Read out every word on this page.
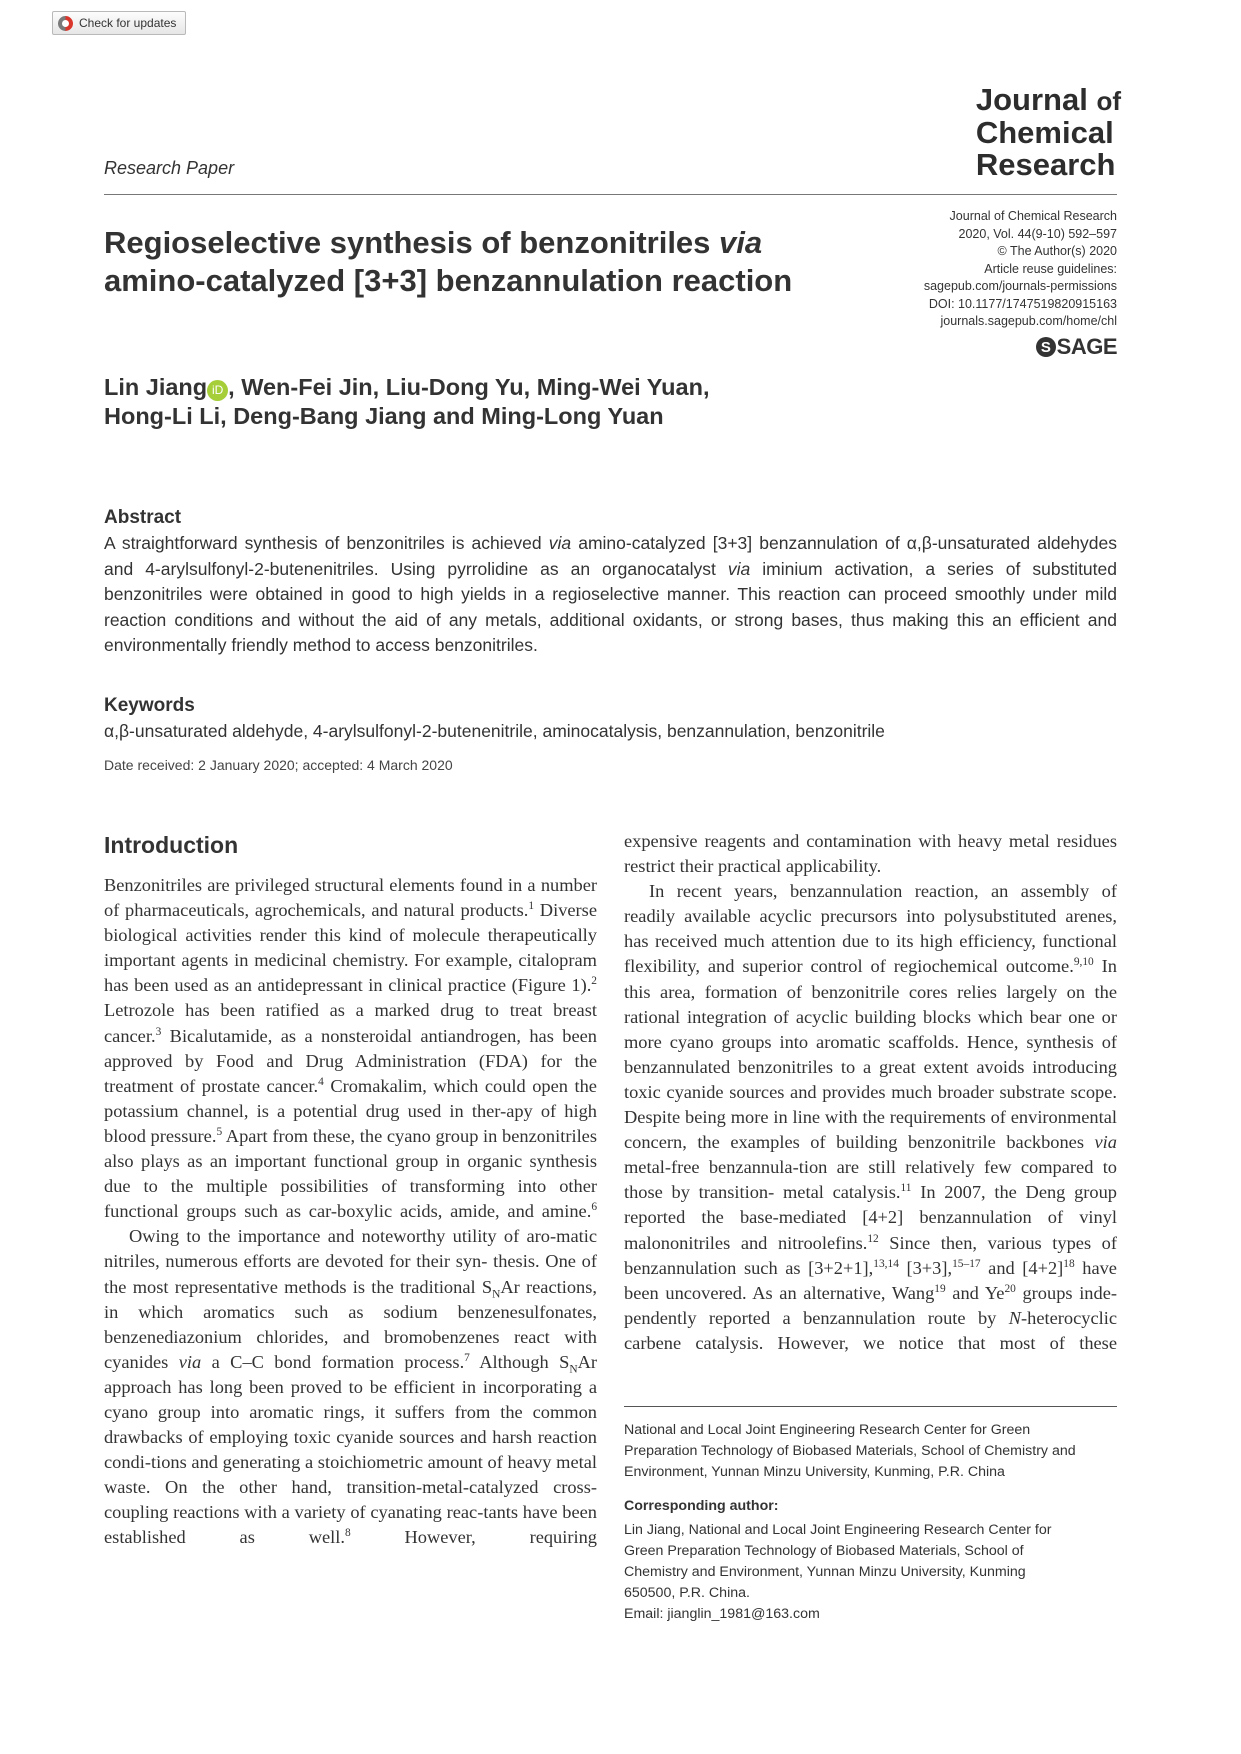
Check for updates
Journal of
Chemical
Research
Research Paper
Journal of Chemical Research
2020, Vol. 44(9-10) 592–597
© The Author(s) 2020
Article reuse guidelines:
sagepub.com/journals-permissions
DOI: 10.1177/1747519820915163
journals.sagepub.com/home/chl
S SAGE
Regioselective synthesis of benzonitriles via
amino-catalyzed [3+3] benzannulation reaction
Lin Jiang iD , Wen-Fei Jin, Liu-Dong Yu, Ming-Wei Yuan,
Hong-Li Li, Deng-Bang Jiang and Ming-Long Yuan
Abstract
A straightforward synthesis of benzonitriles is achieved via amino-catalyzed [3+3] benzannulation of α,β-unsaturated aldehydes and 4-arylsulfonyl-2-butenenitriles. Using pyrrolidine as an organocatalyst via iminium activation, a series of substituted benzonitriles were obtained in good to high yields in a regioselective manner. This reaction can proceed smoothly under mild reaction conditions and without the aid of any metals, additional oxidants, or strong bases, thus making this an efficient and environmentally friendly method to access benzonitriles.
Keywords
α,β-unsaturated aldehyde, 4-arylsulfonyl-2-butenenitrile, aminocatalysis, benzannulation, benzonitrile
Date received: 2 January 2020; accepted: 4 March 2020
Introduction

Benzonitriles are privileged structural elements found in a number of pharmaceuticals, agrochemicals, and natural products.$^1$ Diverse biological activities render this kind of molecule therapeutically important agents in medicinal chemistry. For example, citalopram has been used as an antidepressant in clinical practice (Figure 1).$^2$ Letrozole has been ratified as a marked drug to treat breast cancer.$^3$ Bicalutamide, as a nonsteroidal antiandrogen, has been approved by Food and Drug Administration (FDA) for the treatment of prostate cancer.$^4$ Cromakalim, which could open the potassium channel, is a potential drug used in ther-apy of high blood pressure.$^5$ Apart from these, the cyano group in benzonitriles also plays as an important functional group in organic synthesis due to the multiple possibilities of transforming into other functional groups such as car-boxylic acids, amide, and amine.$^6$

Owing to the importance and noteworthy utility of aro-matic nitriles, numerous efforts are devoted for their syn- thesis. One of the most representative methods is the traditional $S_NAr$ reactions, in which aromatics such as sodium benzenesulfonates, benzenediazonium chlorides, and bromobenzenes react with cyanides via a C–C bond formation process.$^7$ Although $S_NAr$ approach has long been proved to be efficient in incorporating a cyano group into aromatic rings, it suffers from the common drawbacks of employing toxic cyanide sources and harsh reaction condi-tions and generating a stoichiometric amount of heavy metal waste. On the other hand, transition-metal-catalyzed cross-coupling reactions with a variety of cyanating reac-tants have been established as well.$^8$ However, requiring

expensive reagents and contamination with heavy metal residues restrict their practical applicability.

In recent years, benzannulation reaction, an assembly of readily available acyclic precursors into polysubstituted arenes, has received much attention due to its high efficiency, functional flexibility, and superior control of regiochemical outcome.$^{9,10}$ In this area, formation of benzonitrile cores relies largely on the rational integration of acyclic building blocks which bear one or more cyano groups into aromatic scaffolds. Hence, synthesis of benzannulated benzonitriles to a great extent avoids introducing toxic cyanide sources and provides much broader substrate scope. Despite being more in line with the requirements of environmental concern, the examples of building benzonitrile backbones via metal-free benzannula-tion are still relatively few compared to those by transition- metal catalysis.$^{11}$ In 2007, the Deng group reported the base-mediated [4+2] benzannulation of vinyl malononitriles and nitroolefins.$^{12}$ Since then, various types of benzannulation such as [3+2+1],$^{13,14}$ [3+3],$^{15-17}$ and $[4+2]^{18}$ have been uncovered. As an alternative, Wang$^{19}$ and Ye$^{20}$ groups inde-pendently reported a benzannulation route by N-heterocyclic carbene catalysis. However, we notice that most of these

National and Local Joint Engineering Research Center for Green
Preparation Technology of Biobased Materials, School of Chemistry and
Environment, Yunnan Minzu University, Kunming, P.R. China
Corresponding author:
Lin Jiang, National and Local Joint Engineering Research Center for
Green Preparation Technology of Biobased Materials, School of
Chemistry and Environment, Yunnan Minzu University, Kunming
650500, P.R. China.
Email: jianglin_1981@163.com
